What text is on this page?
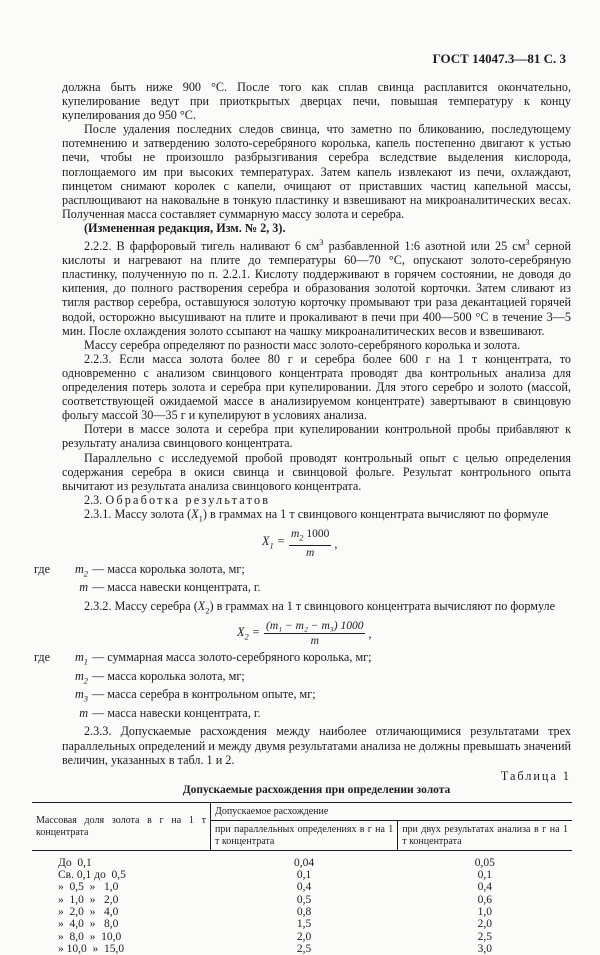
ГОСТ 14047.3—81 С. 3

должна быть ниже 900 °С. После того как сплав свинца расплавится окончательно, купелирование ведут при приоткрытых дверцах печи, повышая температуру к концу купелирования до 950 °С.

После удаления последних следов свинца, что заметно по бликованию, последующему потемнению и затвердению золото-серебряного королька, капель постепенно двигают к устью печи, чтобы не произошло разбрызгивания серебра вследствие выделения кислорода, поглощаемого им при высоких температурах. Затем капель извлекают из печи, охлаждают, пинцетом снимают королек с капели, очищают от приставших частиц капельной массы, расплющивают на наковальне в тонкую пластинку и взвешивают на микроаналитических весах. Полученная масса составляет суммарную массу золота и серебра.

(Измененная редакция, Изм. № 2, 3).

2.2.2. В фарфоровый тигель наливают 6 $см^3$ разбавленной 1:6 азотной или 25 $см^3$ серной кислоты и нагревают на плите до температуры 60—70 °С, опускают золото-серебряную пластинку, полученную по п. 2.2.1. Кислоту поддерживают в горячем состоянии, не доводя до кипения, до полного растворения серебра и образования золотой корточки. Затем сливают из тигля раствор серебра, оставшуюся золотую корточку промывают три раза декантацией горячей водой, осторожно высушивают на плите и прокаливают в печи при 400—500 °С в течение 3—5 мин. После охлаждения золото ссыпают на чашку микроаналитических весов и взвешивают.

Массу серебра определяют по разности масс золото-серебряного королька и золота.

2.2.3. Если масса золота более 80 г и серебра более 600 г на 1 т концентрата, то одновременно с анализом свинцового концентрата проводят два контрольных анализа для определения потерь золота и серебра при купелировании. Для этого серебро и золото (массой, соответствующей ожидаемой массе в анализируемом концентрате) завертывают в свинцовую фольгу массой 30—35 г и купелируют в условиях анализа.

Потери в массе золота и серебра при купелировании контрольной пробы прибавляют к результату анализа свинцового концентрата.

Параллельно с исследуемой пробой проводят контрольный опыт с целью определения содержания серебра в окиси свинца и свинцовой фольге. Результат контрольного опыта вычитают из результата анализа свинцового концентрата.

2.3. Обработка результатов

2.3.1. Массу золота $(X_1)$ в граммах на 1 т свинцового концентрата вычисляют по формуле

$X_1 = \frac{m_2 1000}{m}$ ,
где	$m_2$ — масса королька золота, мг;
m — масса навески концентрата, г.

2.3.2. Массу серебра $(X_2)$ в граммах на 1 т свинцового концентрата вычисляют по формуле

$X_2 = \frac{\text{(m₁ − m₂ − m₃) 1000}}{m}$ ,
где	$m_1$ — суммарная масса золото-серебряного королька, мг;
$m_2$ — масса королька золота, мг;
$m_3$ — масса серебра в контрольном опыте, мг;
m — масса навески концентрата, г.

2.3.3. Допускаемые расхождения между наиболее отличающимися результатами трех параллельных определений и между двумя результатами анализа не должны превышать значений величин, указанных в табл. 1 и 2.

Таблица 1
Допускаемые расхождения при определении золота
Массовая доля золота в г на 1 т концентрата	Допускаемое расхождение	
	при параллельных определениях в г на 1 т концентрата	при двух результатах анализа в г на 1 т концентрата

До  0,1	0,04	0,05
Св. 0,1 до  0,5	0,1	0,1
»  0,5  »   1,0	0,4	0,4
»  1,0  »   2,0	0,5	0,6
»  2,0  »   4,0	0,8	1,0
»  4,0  »   8,0	1,5	2,0
»  8,0  »  10,0	2,0	2,5
» 10,0  »  15,0	2,5	3,0
